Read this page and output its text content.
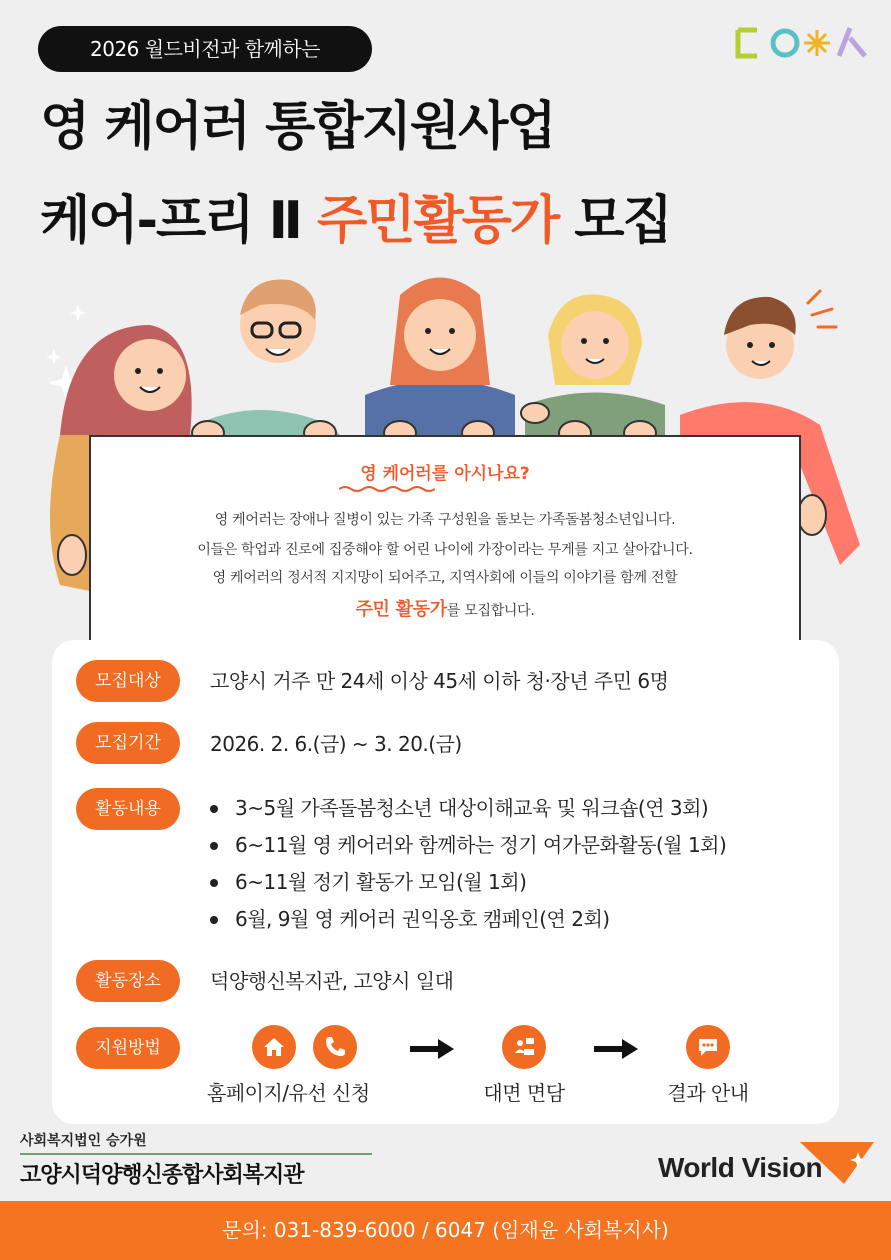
2026 월드비전과 함께하는
영 케어러 통합지원사업
케어-프리 Ⅱ 주민활동가 모집
영 케어러를 아시나요?
영 케어러는 장애나 질병이 있는 가족 구성원을 돌보는 가족돌봄청소년입니다.
이들은 학업과 진로에 집중해야 할 어린 나이에 가장이라는 무게를 지고 살아갑니다.
영 케어러의 정서적 지지망이 되어주고, 지역사회에 이들의 이야기를 함께 전할
주민 활동가를 모집합니다.
모집대상	고양시 거주 만 24세 이상 45세 이하 청·장년 주민 6명
모집기간	2026. 2. 6.(금) ~ 3. 20.(금)
활동내용	3~5월 가족돌봄청소년 대상이해교육 및 워크숍(연 3회)
6~11월 영 케어러와 함께하는 정기 여가문화활동(월 1회)
6~11월 정기 활동가 모임(월 1회)
6월, 9월 영 케어러 권익옹호 캠페인(연 2회)
활동장소	덕양행신복지관, 고양시 일대
지원방법
홈페이지/유선 신청	대면 면담	결과 안내
사회복지법인 승가원
고양시덕양행신종합사회복지관	World Vision
문의: 031-839-6000 / 6047 (임재윤 사회복지사)
